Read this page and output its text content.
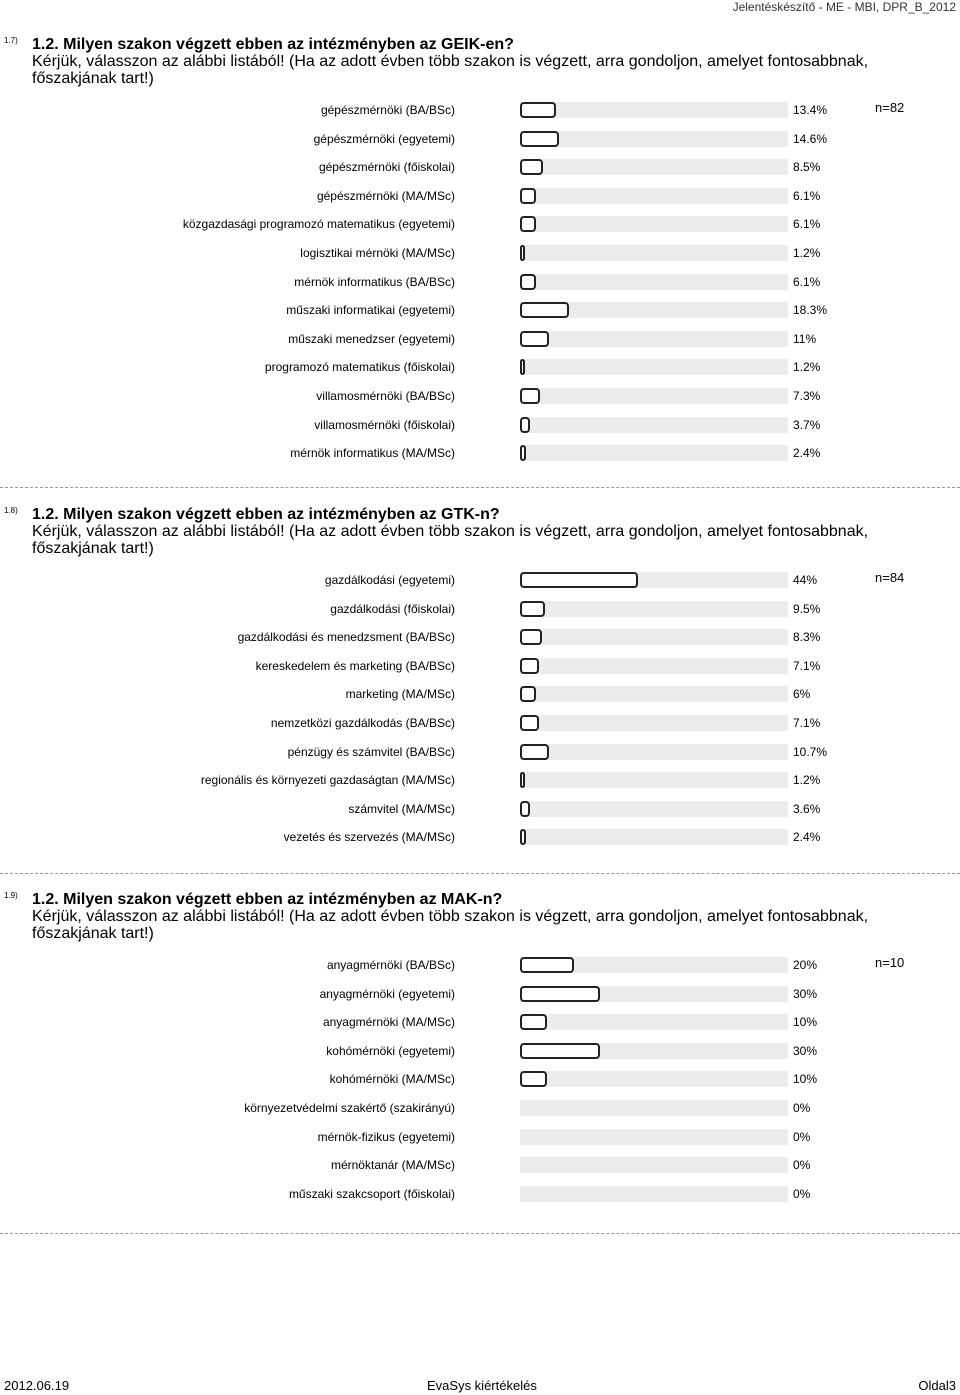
Jelentéskészítő - ME - MBI, DPR_B_2012
1.7) 1.2. Milyen szakon végzett ebben az intézményben az GEIK-en?
Kérjük, válasszon az alábbi listából! (Ha az adott évben több szakon is végzett, arra gondoljon, amelyet fontosabbnak, főszakjának tart!)
n=82
gépészmérnöki (BA/BSc)	13.4%
gépészmérnöki (egyetemi)	14.6%
gépészmérnöki (főiskolai)	8.5%
gépészmérnöki (MA/MSc)	6.1%
közgazdasági programozó matematikus (egyetemi)	6.1%
logisztikai mérnöki (MA/MSc)	1.2%
mérnök informatikus (BA/BSc)	6.1%
műszaki informatikai (egyetemi)	18.3%
műszaki menedzser (egyetemi)	11%
programozó matematikus (főiskolai)	1.2%
villamosmérnöki (BA/BSc)	7.3%
villamosmérnöki (főiskolai)	3.7%
mérnök informatikus (MA/MSc)	2.4%
1.8) 1.2. Milyen szakon végzett ebben az intézményben az GTK-n?
Kérjük, válasszon az alábbi listából! (Ha az adott évben több szakon is végzett, arra gondoljon, amelyet fontosabbnak, főszakjának tart!)
n=84
gazdálkodási (egyetemi)	44%
gazdálkodási (főiskolai)	9.5%
gazdálkodási és menedzsment (BA/BSc)	8.3%
kereskedelem és marketing (BA/BSc)	7.1%
marketing (MA/MSc)	6%
nemzetközi gazdálkodás (BA/BSc)	7.1%
pénzügy és számvitel (BA/BSc)	10.7%
regionális és környezeti gazdaságtan (MA/MSc)	1.2%
számvitel (MA/MSc)	3.6%
vezetés és szervezés (MA/MSc)	2.4%
1.9) 1.2. Milyen szakon végzett ebben az intézményben az MAK-n?
Kérjük, válasszon az alábbi listából! (Ha az adott évben több szakon is végzett, arra gondoljon, amelyet fontosabbnak, főszakjának tart!)
n=10
anyagmérnöki (BA/BSc)	20%
anyagmérnöki (egyetemi)	30%
anyagmérnöki (MA/MSc)	10%
kohómérnöki (egyetemi)	30%
kohómérnöki (MA/MSc)	10%
környezetvédelmi szakértő (szakirányú)	0%
mérnök-fizikus (egyetemi)	0%
mérnöktanár (MA/MSc)	0%
műszaki szakcsoport (főiskolai)	0%
2012.06.19	EvaSys kiértékelés	Oldal3
